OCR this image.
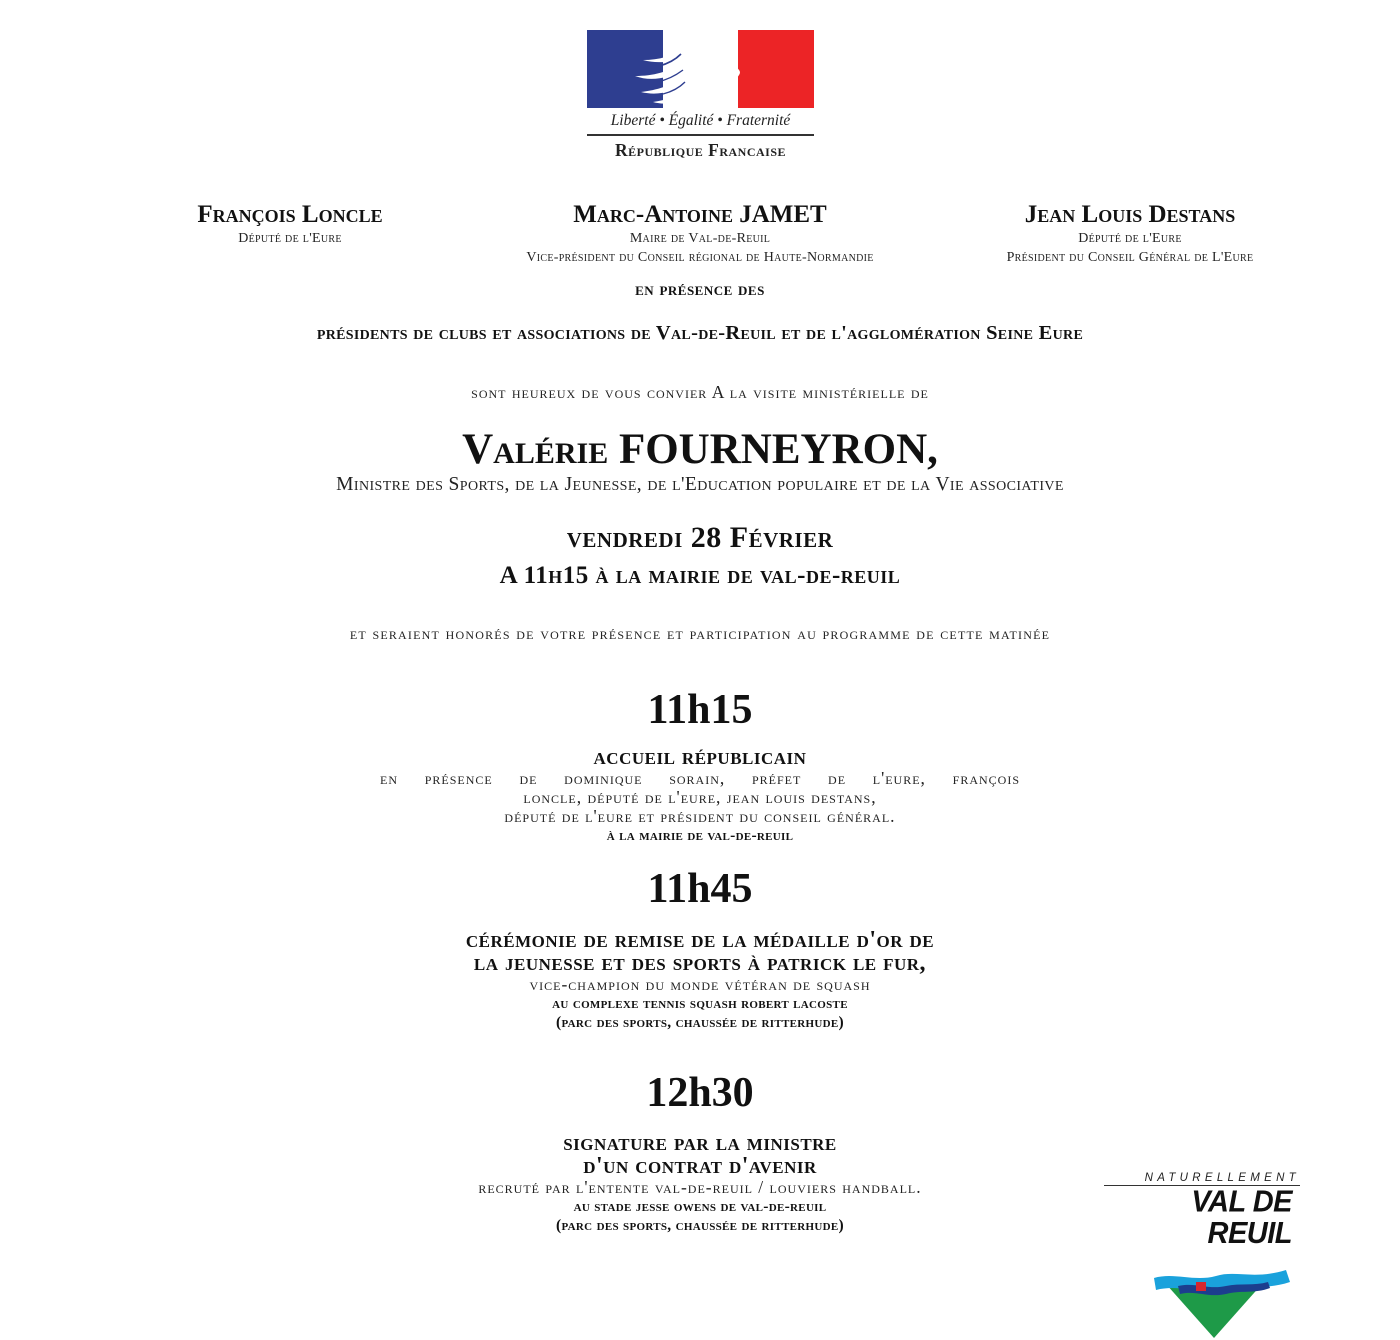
Liberté • Égalité • Fraternité
République Francaise
François Loncle
Député de l'Eure
Marc-Antoine JAMET
Maire de Val-de-Reuil
Vice-président du Conseil régional de Haute-Normandie
Jean Louis Destans
Député de l'Eure
Président du Conseil Général de L'Eure
en présence des
présidents de clubs et associations de Val-de-Reuil et de l'agglomération Seine Eure
sont heureux de vous convier A la visite ministérielle de
Valérie FOURNEYRON,
Ministre des Sports, de la Jeunesse, de l'Education populaire et de la Vie associative
vendredi 28 Février
A 11h15 à la mairie de val-de-reuil
et seraient honorés de votre présence et participation au programme de cette matinée
11h15
accueil républicain
en présence de dominique sorain, préfet de l'eure, françois
loncle, député de l'eure, jean louis destans,
député de l'eure et président du conseil général.
à la mairie de val-de-reuil
11h45
cérémonie de remise de la médaille d'or de
la jeunesse et des sports à patrick le fur,
vice-champion du monde vétéran de squash
au complexe tennis squash robert lacoste
(parc des sports, chaussée de ritterhude)
12h30
signature par la ministre
d'un contrat d'avenir
recruté par l'entente val-de-reuil / louviers handball.
au stade jesse owens de val-de-reuil
(parc des sports, chaussée de ritterhude)
NATURELLEMENT
VAL DE REUIL
